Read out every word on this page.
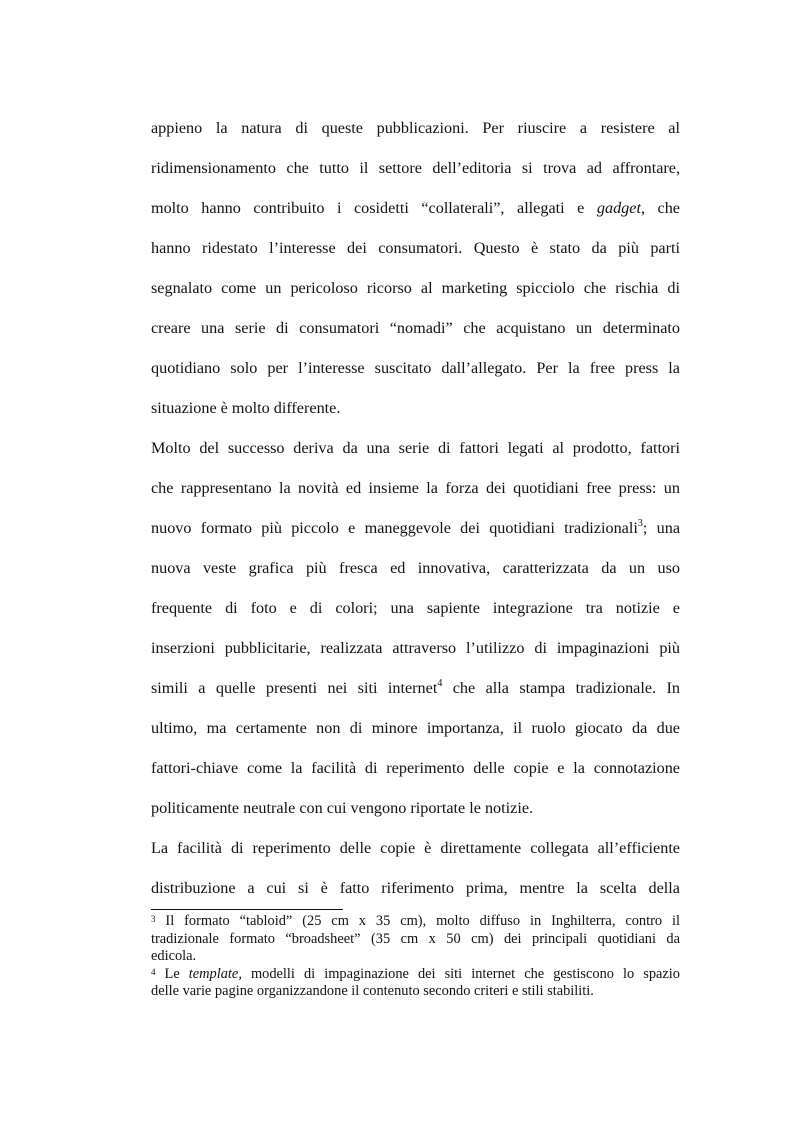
appieno la natura di queste pubblicazioni. Per riuscire a resistere al
ridimensionamento che tutto il settore dell’editoria si trova ad affrontare,
molto hanno contribuito i cosidetti “collaterali”, allegati e gadget, che
hanno ridestato l’interesse dei consumatori. Questo è stato da più parti
segnalato come un pericoloso ricorso al marketing spicciolo che rischia di
creare una serie di consumatori “nomadi” che acquistano un determinato
quotidiano solo per l’interesse suscitato dall’allegato. Per la free press la
situazione è molto differente.
Molto del successo deriva da una serie di fattori legati al prodotto, fattori
che rappresentano la novità ed insieme la forza dei quotidiani free press: un
nuovo formato più piccolo e maneggevole dei quotidiani tradizionali$^3$; una
nuova veste grafica più fresca ed innovativa, caratterizzata da un uso
frequente di foto e di colori; una sapiente integrazione tra notizie e
inserzioni pubblicitarie, realizzata attraverso l’utilizzo di impaginazioni più
simili a quelle presenti nei siti internet$^4$ che alla stampa tradizionale. In
ultimo, ma certamente non di minore importanza, il ruolo giocato da due
fattori-chiave come la facilità di reperimento delle copie e la connotazione
politicamente neutrale con cui vengono riportate le notizie.
La facilità di reperimento delle copie è direttamente collegata all’efficiente
distribuzione a cui si è fatto riferimento prima, mentre la scelta della
$^3$ Il formato “tabloid” (25 cm x 35 cm), molto diffuso in Inghilterra, contro il
tradizionale formato “broadsheet” (35 cm x 50 cm) dei principali quotidiani da
edicola.
$^4$ Le template, modelli di impaginazione dei siti internet che gestiscono lo spazio
delle varie pagine organizzandone il contenuto secondo criteri e stili stabiliti.
